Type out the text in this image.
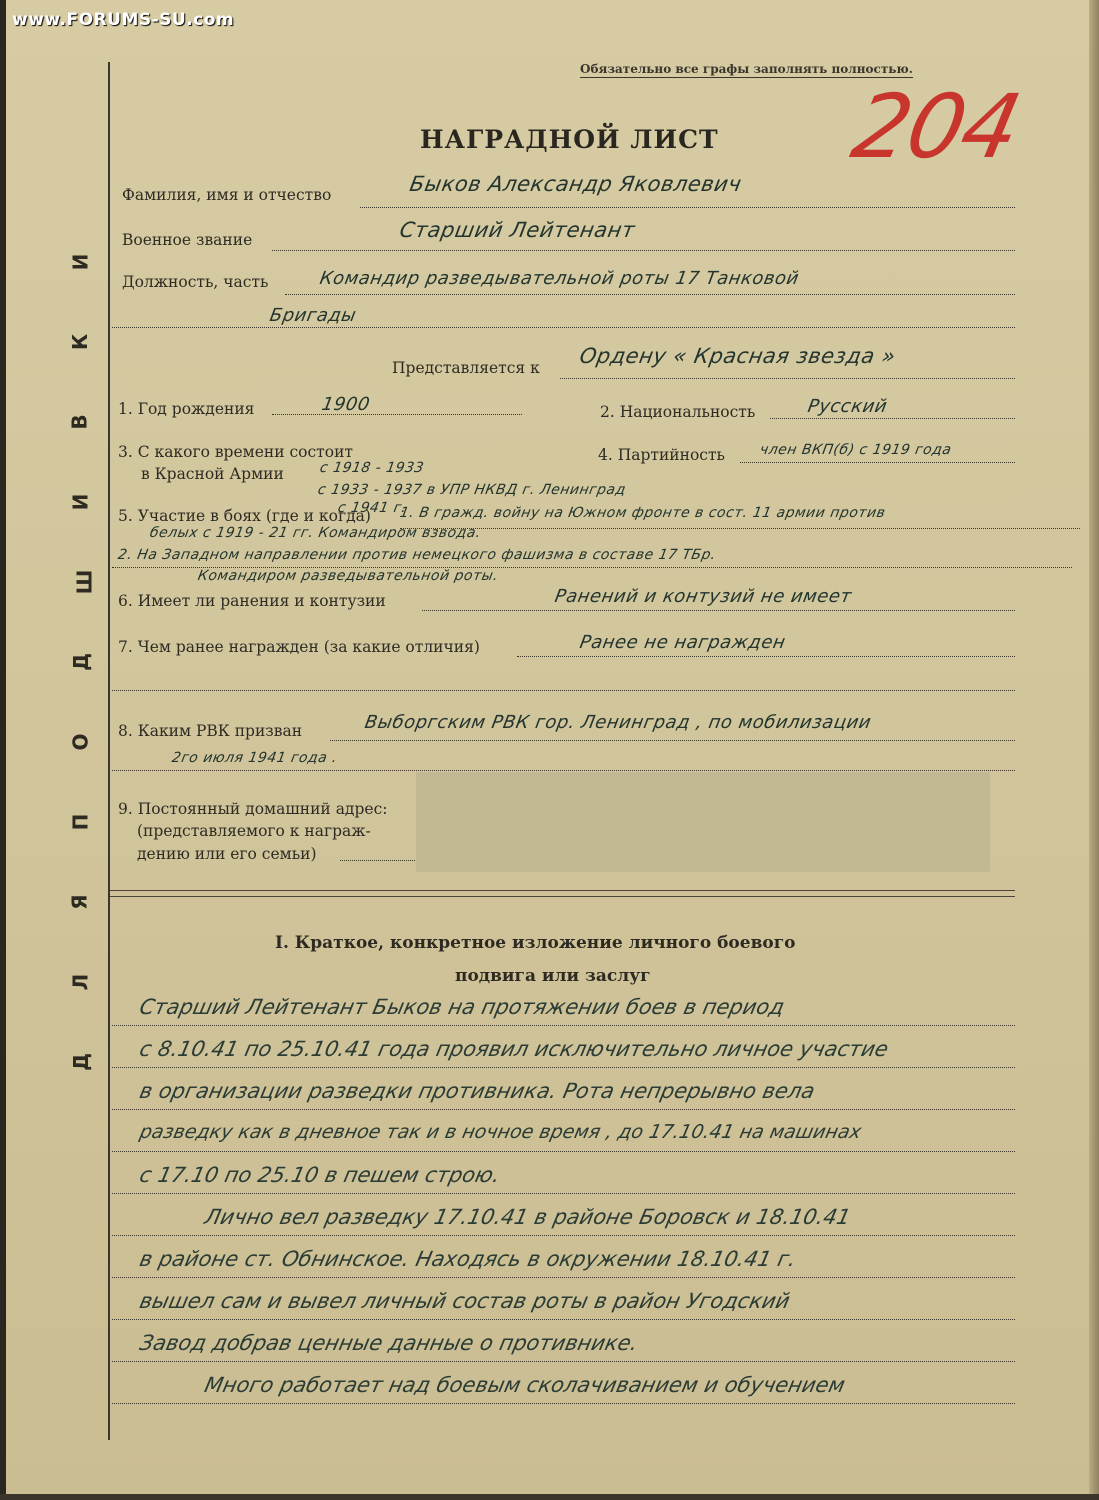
www.FORUMS-SU.com
Д
Л
Я
П
О
Д
Ш
И
В
К
И
Обязательно все графы заполнять полностью.
204
НАГРАДНОЙ ЛИСТ
Фамилия, имя и отчество	Быков Александр Яковлевич
Военное звание	Старший Лейтенант
Должность, часть	Командир разведывательной роты 17 Танковой
Бригады
Представляется к Ордену « Красная звезда »
1. Год рождения	1900	2. Национальность	Русский
3. С какого времени состоит
в Красной Армии с 1918 - 1933
с 1933 - 1937 в УПР НКВД г. Ленинград
с 1941 г.
4. Партийность член ВКП(б) с 1919 года
5. Участие в боях (где и когда) 1. В гражд. войну на Южном фронте в сост. 11 армии против
белых с 1919 - 21 гг. Командиром взвода.
2. На Западном направлении против немецкого фашизма в составе 17 ТБр.
Командиром разведывательной роты.
6. Имеет ли ранения и контузии	Ранений и контузий не имеет
7. Чем ранее награжден (за какие отличия)	Ранее не награжден
8. Каким РВК призван	Выборгским РВК гор. Ленинград , по мобилизации
2го июля 1941 года .
9. Постоянный домашний адрес:
(представляемого к награж-
дению или его семьи)
I. Краткое, конкретное изложение личного боевого
подвига или заслуг
Старший Лейтенант Быков на протяжении боев в период
с 8.10.41 по 25.10.41 года проявил исключительно личное участие
в организации разведки противника. Рота непрерывно вела
разведку как в дневное так и в ночное время , до 17.10.41 на машинах
с 17.10 по 25.10 в пешем строю.
Лично вел разведку 17.10.41 в районе Боровск и 18.10.41
в районе ст. Обнинское. Находясь в окружении 18.10.41 г.
вышел сам и вывел личный состав роты в район Угодский
Завод добрав ценные данные о противнике.
Много работает над боевым сколачиванием и обучением
